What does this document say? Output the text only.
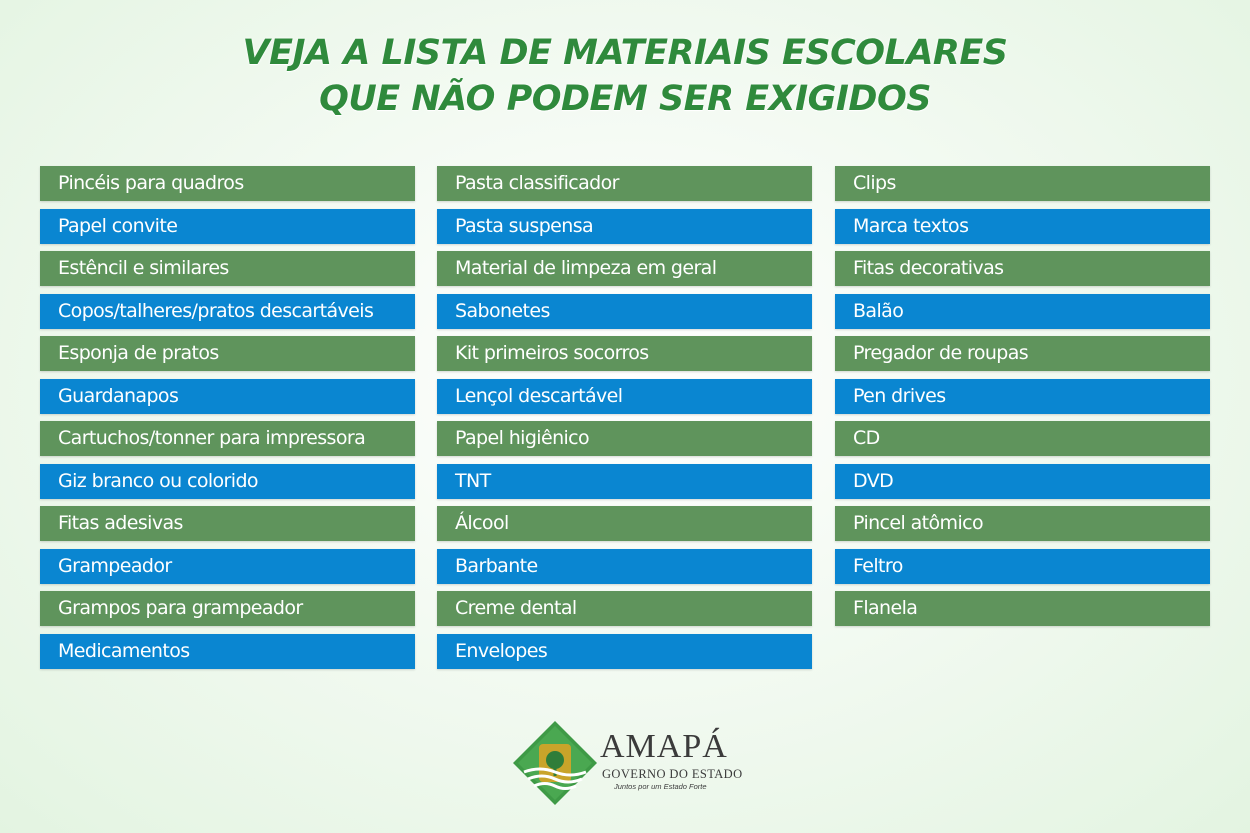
VEJA A LISTA DE MATERIAIS ESCOLARES
QUE NÃO PODEM SER EXIGIDOS
Pincéis para quadros
Papel convite
Estêncil e similares
Copos/talheres/pratos descartáveis
Esponja de pratos
Guardanapos
Cartuchos/tonner para impressora
Giz branco ou colorido
Fitas adesivas
Grampeador
Grampos para grampeador
Medicamentos
Pasta classificador
Pasta suspensa
Material de limpeza em geral
Sabonetes
Kit primeiros socorros
Lençol descartável
Papel higiênico
TNT
Álcool
Barbante
Creme dental
Envelopes
Clips
Marca textos
Fitas decorativas
Balão
Pregador de roupas
Pen drives
CD
DVD
Pincel atômico
Feltro
Flanela
AMAPÁ
GOVERNO DO ESTADO
Juntos por um Estado Forte
